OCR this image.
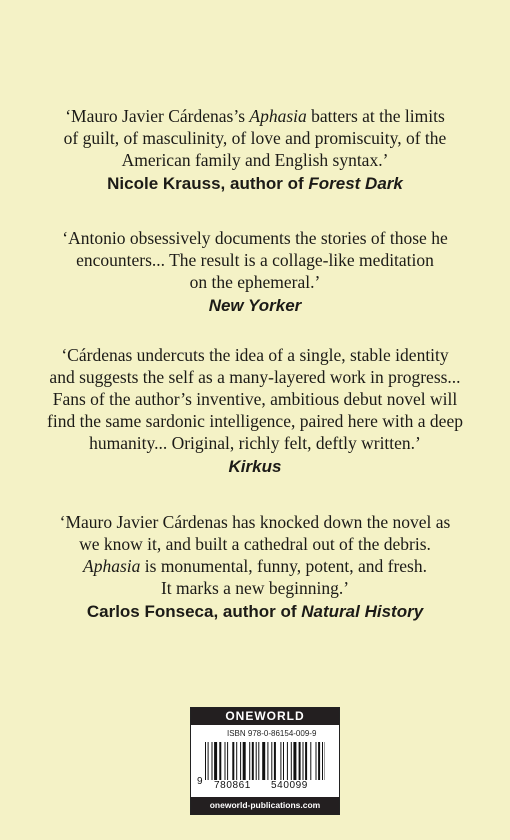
‘Mauro Javier Cárdenas’s Aphasia batters at the limits
of guilt, of masculinity, of love and promiscuity, of the
American family and English syntax.’

Nicole Krauss, author of Forest Dark

‘Antonio obsessively documents the stories of those he
encounters... The result is a collage-like meditation
on the ephemeral.’

New Yorker

‘Cárdenas undercuts the idea of a single, stable identity
and suggests the self as a many-layered work in progress...
Fans of the author’s inventive, ambitious debut novel will
find the same sardonic intelligence, paired here with a deep
humanity... Original, richly felt, deftly written.’

Kirkus

‘Mauro Javier Cárdenas has knocked down the novel as
we know it, and built a cathedral out of the debris.
Aphasia is monumental, funny, potent, and fresh.
It marks a new beginning.’

Carlos Fonseca, author of Natural History

ONEWORLD
ISBN 978-0-86154-009-9
9 780861 540099
oneworld-publications.com
